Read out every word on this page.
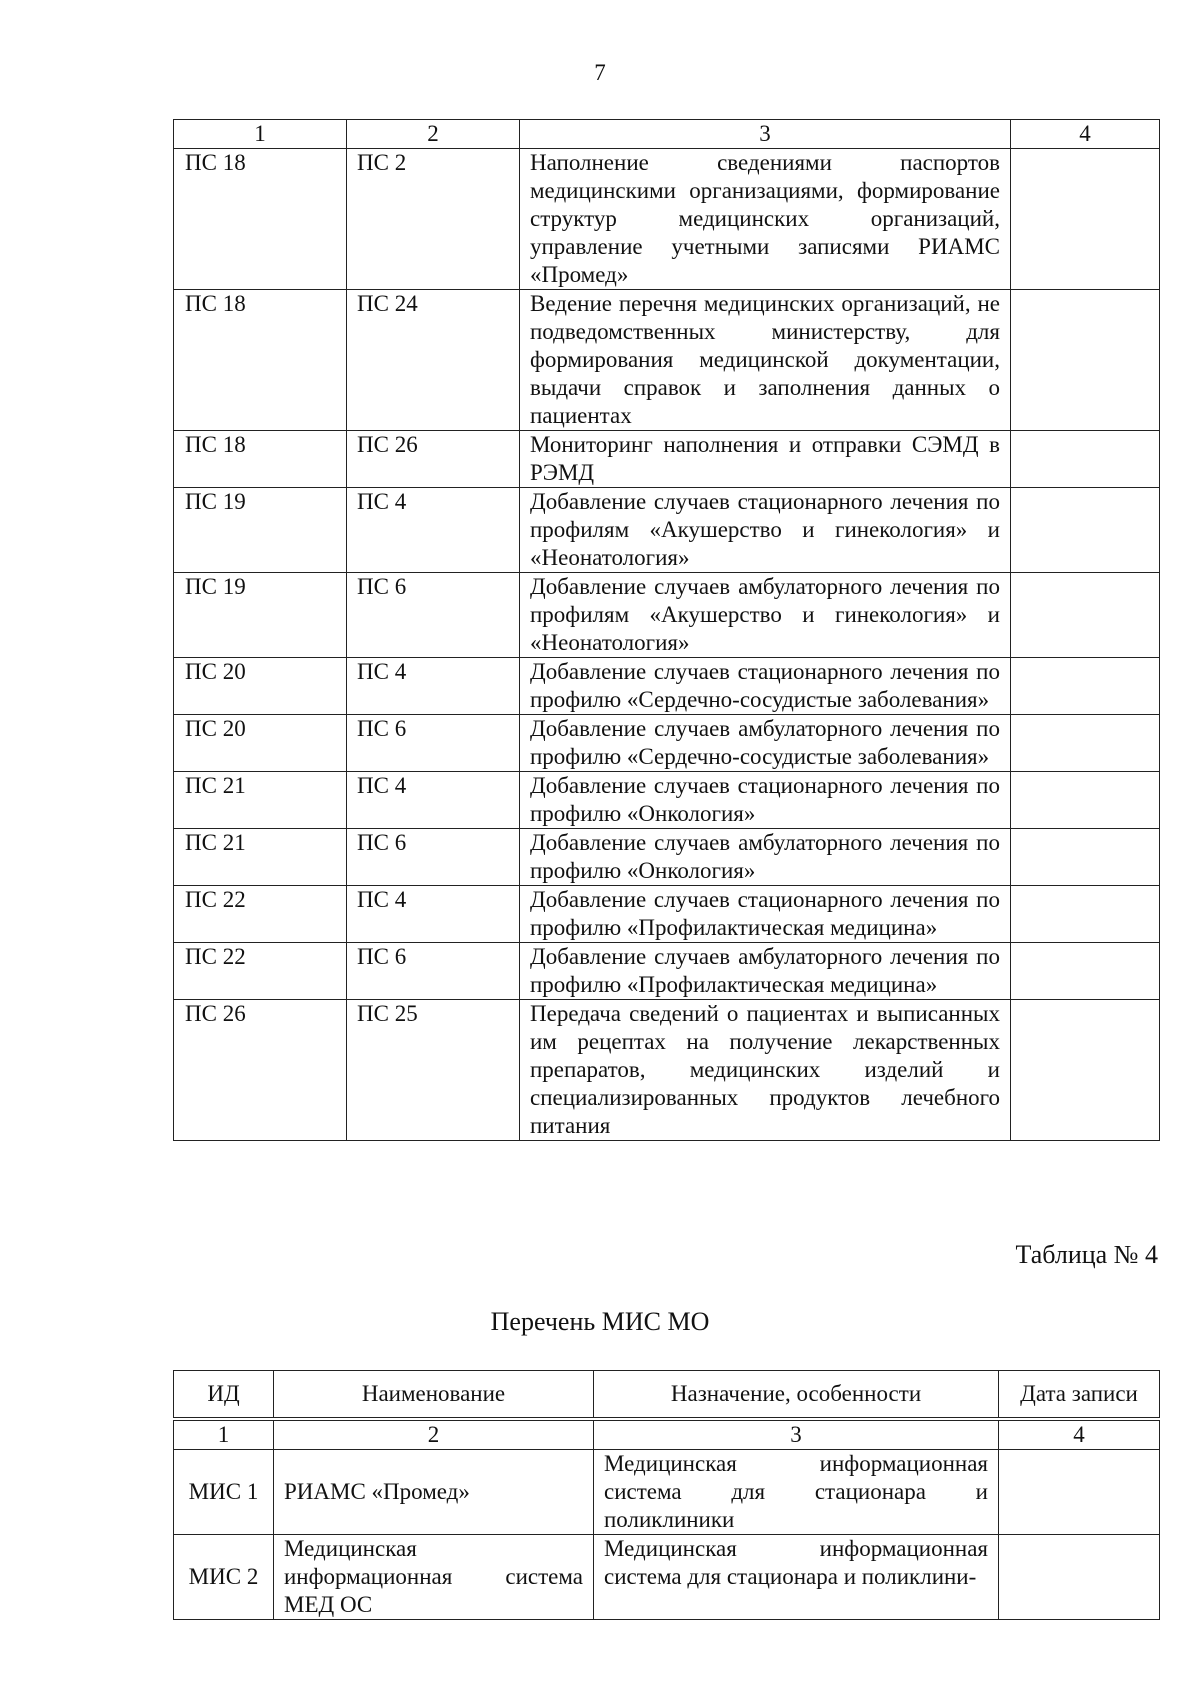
7
1	2	3	4
ПС 18	ПС 2	Наполнение сведениями паспортов медицинскими организациями, формирование структур медицинских организаций, управление учетными записями РИАМС «Промед»	
ПС 18	ПС 24	Ведение перечня медицинских организаций, не подведомственных министерству, для формирования медицинской документации, выдачи справок и заполнения данных о пациентах	
ПС 18	ПС 26	Мониторинг наполнения и отправки СЭМД в РЭМД	
ПС 19	ПС 4	Добавление случаев стационарного лечения по профилям «Акушерство и гинекология» и «Неонатология»	
ПС 19	ПС 6	Добавление случаев амбулаторного лечения по профилям «Акушерство и гинекология» и «Неонатология»	
ПС 20	ПС 4	Добавление случаев стационарного лечения по профилю «Сердечно-сосудистые заболевания»	
ПС 20	ПС 6	Добавление случаев амбулаторного лечения по профилю «Сердечно-сосудистые заболевания»	
ПС 21	ПС 4	Добавление случаев стационарного лечения по профилю «Онкология»	
ПС 21	ПС 6	Добавление случаев амбулаторного лечения по профилю «Онкология»	
ПС 22	ПС 4	Добавление случаев стационарного лечения по профилю «Профилактическая медицина»	
ПС 22	ПС 6	Добавление случаев амбулаторного лечения по профилю «Профилактическая медицина»	
ПС 26	ПС 25	Передача сведений о пациентах и выписанных им рецептах на получение лекарственных препаратов, медицинских изделий и специализированных продуктов лечебного питания	
Таблица № 4
Перечень МИС МО
ИД	Наименование	Назначение, особенности	Дата записи
1	2	3	4
МИС 1	РИАМС «Промед»	Медицинская информационная система для стационара и поликлиники	
МИС 2	Медицинская информационная система МЕД ОС	Медицинская информационная система для стационара и поликлини-	
